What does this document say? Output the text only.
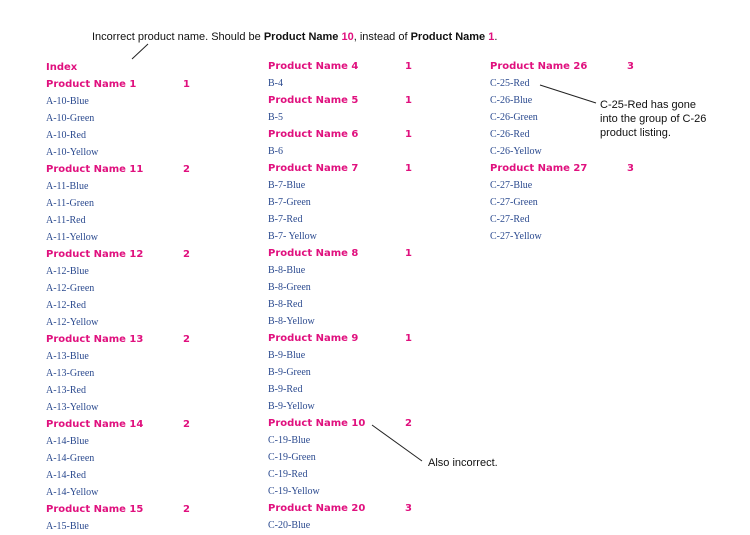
Incorrect product name. Should be Product Name 10, instead of Product Name 1.
C-25-Red has gone
into the group of C-26
product listing.
Also incorrect.
Index
Product Name 1	1
A-10-Blue
A-10-Green
A-10-Red
A-10-Yellow
Product Name 11	2
A-11-Blue
A-11-Green
A-11-Red
A-11-Yellow
Product Name 12	2
A-12-Blue
A-12-Green
A-12-Red
A-12-Yellow
Product Name 13	2
A-13-Blue
A-13-Green
A-13-Red
A-13-Yellow
Product Name 14	2
A-14-Blue
A-14-Green
A-14-Red
A-14-Yellow
Product Name 15	2
A-15-Blue
Product Name 4	1
B-4
Product Name 5	1
B-5
Product Name 6	1
B-6
Product Name 7	1
B-7-Blue
B-7-Green
B-7-Red
B-7- Yellow
Product Name 8	1
B-8-Blue
B-8-Green
B-8-Red
B-8-Yellow
Product Name 9	1
B-9-Blue
B-9-Green
B-9-Red
B-9-Yellow
Product Name 10	2
C-19-Blue
C-19-Green
C-19-Red
C-19-Yellow
Product Name 20	3
C-20-Blue
Product Name 26	3
C-25-Red
C-26-Blue
C-26-Green
C-26-Red
C-26-Yellow
Product Name 27	3
C-27-Blue
C-27-Green
C-27-Red
C-27-Yellow
